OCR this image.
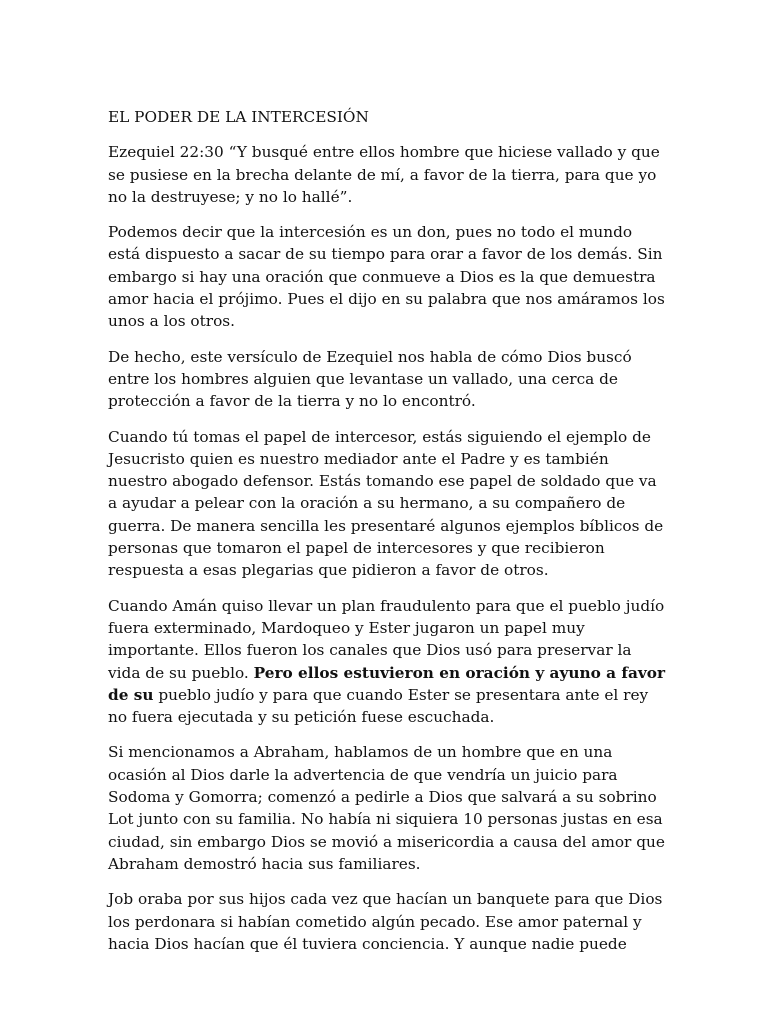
EL PODER DE LA INTERCESIÓN

Ezequiel 22:30 “Y busqué entre ellos hombre que hiciese vallado y que se pusiese en la brecha delante de mí, a favor de la tierra, para que yo no la destruyese; y no lo hallé”.

Podemos decir que la intercesión es un don, pues no todo el mundo está dispuesto a sacar de su tiempo para orar a favor de los demás. Sin embargo si hay una oración que conmueve a Dios es la que demuestra amor hacia el prójimo. Pues el dijo en su palabra que nos amáramos los unos a los otros.

De hecho, este versículo de Ezequiel nos habla de cómo Dios buscó entre los hombres alguien que levantase un vallado, una cerca de protección a favor de la tierra y no lo encontró.

Cuando tú tomas el papel de intercesor, estás siguiendo el ejemplo de Jesucristo quien es nuestro mediador ante el Padre y es también nuestro abogado defensor. Estás tomando ese papel de soldado que va a ayudar a pelear con la oración a su hermano, a su compañero de guerra. De manera sencilla les presentaré algunos ejemplos bíblicos de personas que tomaron el papel de intercesores y que recibieron respuesta a esas plegarias que pidieron a favor de otros.

Cuando Amán quiso llevar un plan fraudulento para que el pueblo judío fuera exterminado, Mardoqueo y Ester jugaron un papel muy importante. Ellos fueron los canales que Dios usó para preservar la vida de su pueblo. Pero ellos estuvieron en oración y ayuno a favor de su pueblo judío y para que cuando Ester se presentara ante el rey no fuera ejecutada y su petición fuese escuchada.

Si mencionamos a Abraham, hablamos de un hombre que en una ocasión al Dios darle la advertencia de que vendría un juicio para Sodoma y Gomorra; comenzó a pedirle a Dios que salvará a su sobrino Lot junto con su familia. No había ni siquiera 10 personas justas en esa ciudad, sin embargo Dios se movió a misericordia a causa del amor que Abraham demostró hacia sus familiares.

Job oraba por sus hijos cada vez que hacían un banquete para que Dios los perdonara si habían cometido algún pecado. Ese amor paternal y hacia Dios hacían que él tuviera conciencia. Y aunque nadie puede
